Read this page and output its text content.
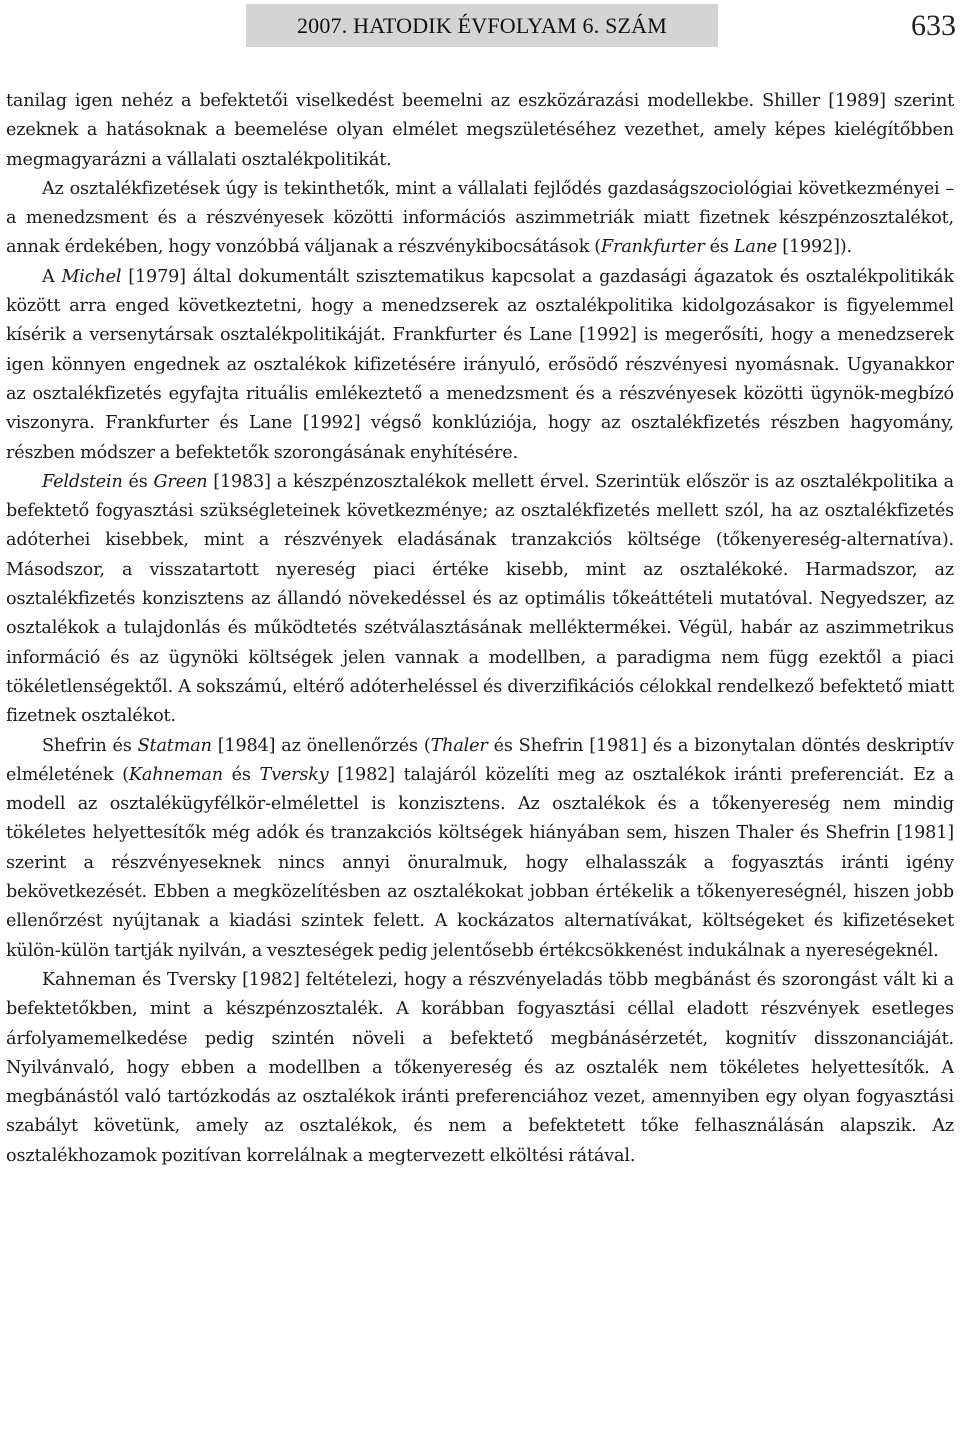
2007. HATODIK ÉVFOLYAM 6. SZÁM	633

tanilag igen nehéz a befektetői viselkedést beemelni az eszközárazási modellekbe. Shiller [1989] szerint ezeknek a hatásoknak a beemelése olyan elmélet megszületéséhez vezethet, amely képes kielégítőbben megmagyarázni a vállalati osztalékpolitikát.

Az osztalékfizetések úgy is tekinthetők, mint a vállalati fejlődés gazdaságszociológiai következményei – a menedzsment és a részvényesek közötti információs aszimmetriák miatt fizetnek készpénzosztalékot, annak érdekében, hogy vonzóbbá váljanak a részvénykibocsátások (Frankfurter és Lane [1992]).

A Michel [1979] által dokumentált szisztematikus kapcsolat a gazdasági ágazatok és osztalékpolitikák között arra enged következtetni, hogy a menedzserek az osztalékpolitika kidolgozásakor is figyelemmel kísérik a versenytársak osztalékpolitikáját. Frankfurter és Lane [1992] is megerősíti, hogy a menedzserek igen könnyen engednek az osztalékok kifizetésére irányuló, erősödő részvényesi nyomásnak. Ugyanakkor az osztalékfizetés egyfajta rituális emlékeztető a menedzsment és a részvényesek közötti ügynök-megbízó viszonyra. Frankfurter és Lane [1992] végső konklúziója, hogy az osztalékfizetés részben hagyomány, részben módszer a befektetők szorongásának enyhítésére.

Feldstein és Green [1983] a készpénzosztalékok mellett érvel. Szerintük először is az osztalékpolitika a befektető fogyasztási szükségleteinek következménye; az osztalékfizetés mellett szól, ha az osztalékfizetés adóterhei kisebbek, mint a részvények eladásának tranzakciós költsége (tőkenyereség-alternatíva). Másodszor, a visszatartott nyereség piaci értéke kisebb, mint az osztalékoké. Harmadszor, az osztalékfizetés konzisztens az állandó növekedéssel és az optimális tőkeáttételi mutatóval. Negyedszer, az osztalékok a tulajdonlás és működtetés szétválasztásának melléktermékei. Végül, habár az aszimmetrikus információ és az ügynöki költségek jelen vannak a modellben, a paradigma nem függ ezektől a piaci tökéletlenségektől. A sokszámú, eltérő adóterheléssel és diverzifikációs célokkal rendelkező befektető miatt fizetnek osztalékot.

Shefrin és Statman [1984] az önellenőrzés (Thaler és Shefrin [1981] és a bizonytalan döntés deskriptív elméletének (Kahneman és Tversky [1982] talajáról közelíti meg az osztalékok iránti preferenciát. Ez a modell az osztalékügyfélkör-elmélettel is konzisztens. Az osztalékok és a tőkenyereség nem mindig tökéletes helyettesítők még adók és tranzakciós költségek hiányában sem, hiszen Thaler és Shefrin [1981] szerint a részvényeseknek nincs annyi önuralmuk, hogy elhalasszák a fogyasztás iránti igény bekövetkezését. Ebben a megközelítésben az osztalékokat jobban értékelik a tőkenyereségnél, hiszen jobb ellenőrzést nyújtanak a kiadási szintek felett. A kockázatos alternatívákat, költségeket és kifizetéseket külön-külön tartják nyilván, a veszteségek pedig jelentősebb értékcsökkenést indukálnak a nyereségeknél.

Kahneman és Tversky [1982] feltételezi, hogy a részvényeladás több megbánást és szorongást vált ki a befektetőkben, mint a készpénzosztalék. A korábban fogyasztási céllal eladott részvények esetleges árfolyamemelkedése pedig szintén növeli a befektető megbánásérzetét, kognitív disszonanciáját. Nyilvánvaló, hogy ebben a modellben a tőkenyereség és az osztalék nem tökéletes helyettesítők. A megbánástól való tartózkodás az osztalékok iránti preferenciához vezet, amennyiben egy olyan fogyasztási szabályt követünk, amely az osztalékok, és nem a befektetett tőke felhasználásán alapszik. Az osztalékhozamok pozitívan korrelálnak a megtervezett elköltési rátával.
